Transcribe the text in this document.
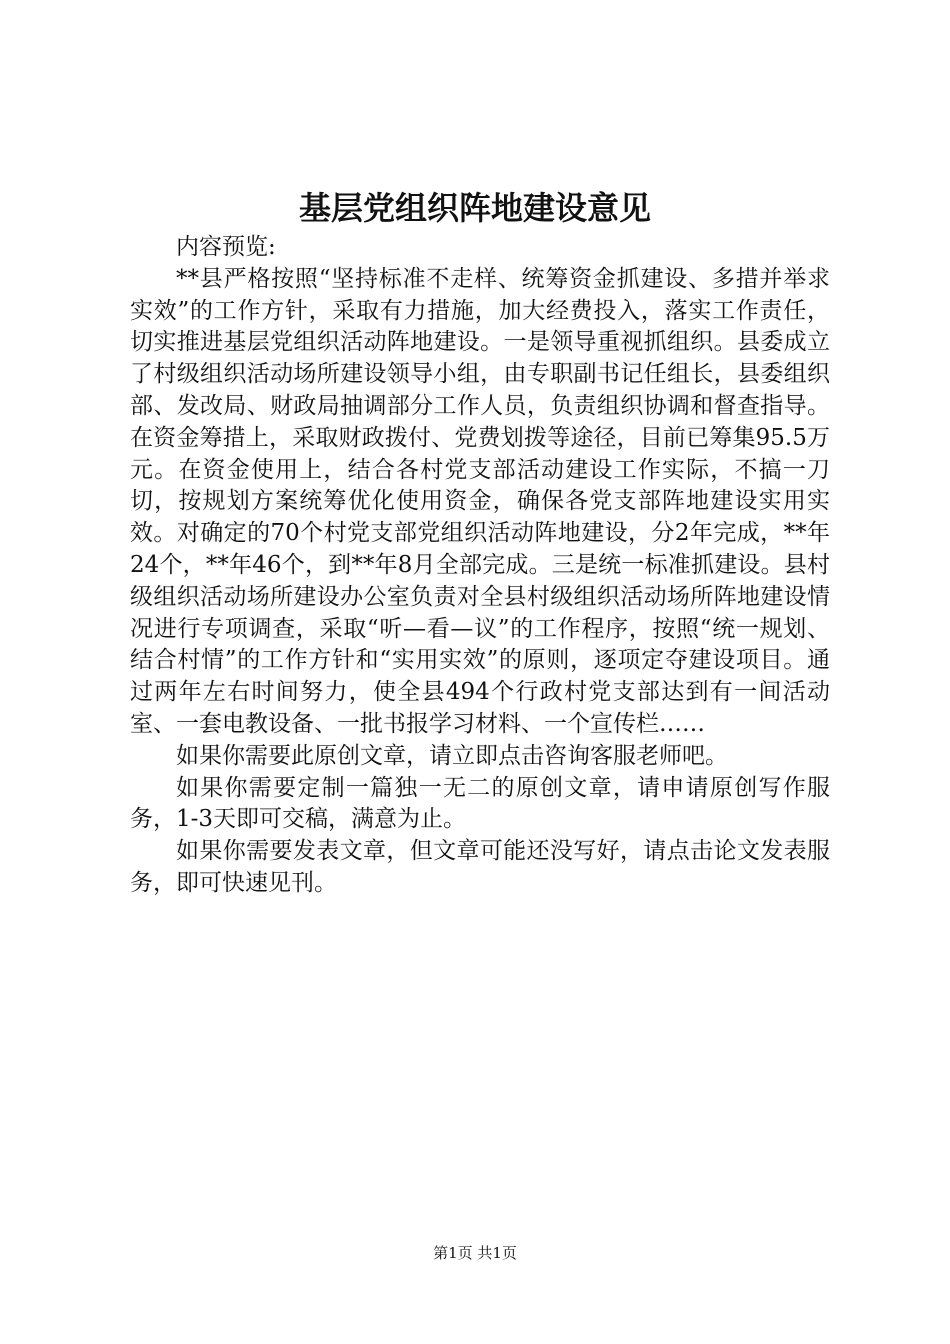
基层党组织阵地建设意见

内容预览:

**县严格按照“坚持标准不走样、统筹资金抓建设、多措并举求实效”的工作方针，采取有力措施，加大经费投入，落实工作责任，切实推进基层党组织活动阵地建设。一是领导重视抓组织。县委成立了村级组织活动场所建设领导小组，由专职副书记任组长，县委组织部、发改局、财政局抽调部分工作人员，负责组织协调和督查指导。在资金筹措上，采取财政拨付、党费划拨等途径，目前已筹集95.5万元。在资金使用上，结合各村党支部活动建设工作实际，不搞一刀切，按规划方案统筹优化使用资金，确保各党支部阵地建设实用实效。对确定的70个村党支部党组织活动阵地建设，分2年完成，**年24个，**年46个，到**年8月全部完成。三是统一标准抓建设。县村级组织活动场所建设办公室负责对全县村级组织活动场所阵地建设情况进行专项调查，采取“听—看—议”的工作程序，按照“统一规划、结合村情”的工作方针和“实用实效”的原则，逐项定夺建设项目。通过两年左右时间努力，使全县494个行政村党支部达到有一间活动室、一套电教设备、一批书报学习材料、一个宣传栏……

如果你需要此原创文章，请立即点击咨询客服老师吧。

如果你需要定制一篇独一无二的原创文章，请申请原创写作服务，1-3天即可交稿，满意为止。

如果你需要发表文章，但文章可能还没写好，请点击论文发表服务，即可快速见刊。

第1页 共1页
